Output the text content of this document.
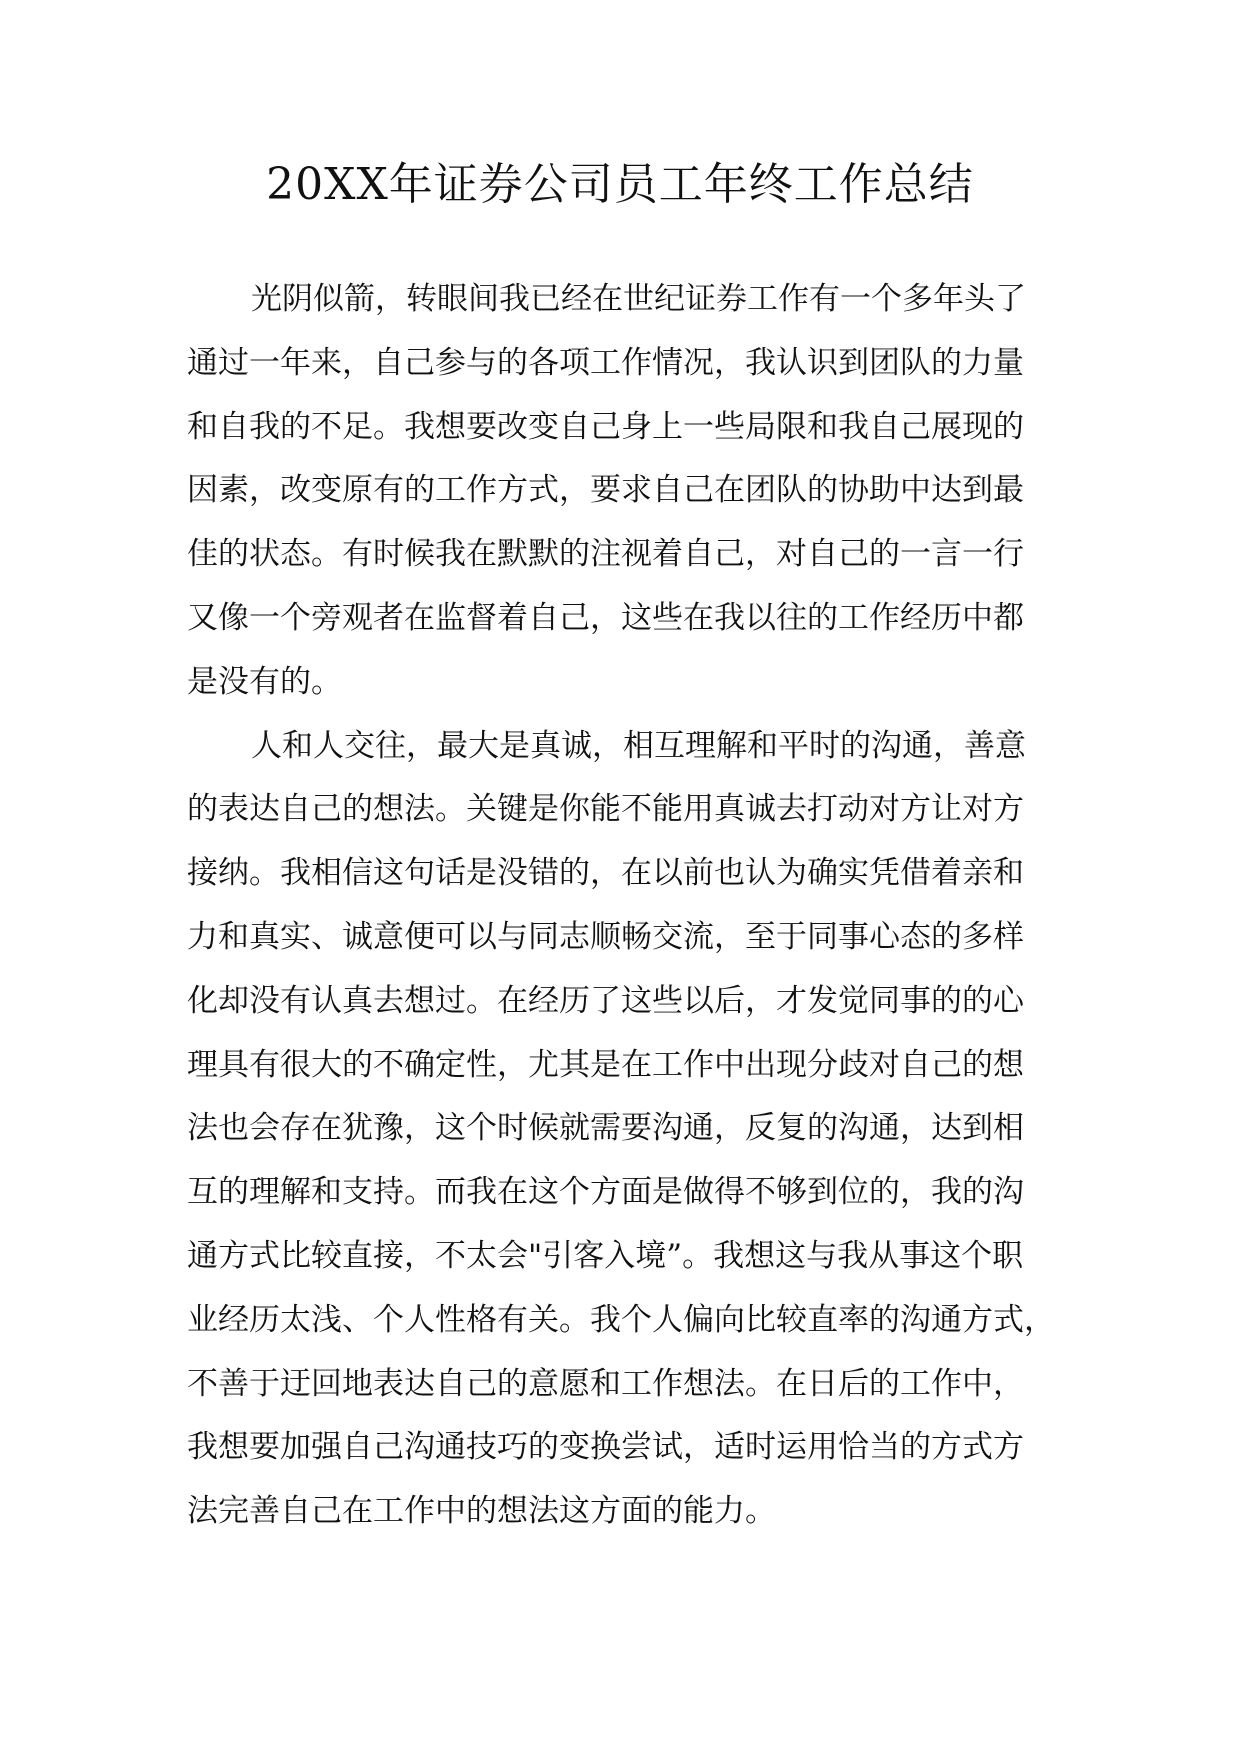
20XX年证券公司员工年终工作总结

光阴似箭，转眼间我已经在世纪证券工作有一个多年头了
通过一年来，自己参与的各项工作情况，我认识到团队的力量
和自我的不足。我想要改变自己身上一些局限和我自己展现的
因素，改变原有的工作方式，要求自己在团队的协助中达到最
佳的状态。有时候我在默默的注视着自己，对自己的一言一行
又像一个旁观者在监督着自己，这些在我以往的工作经历中都
是没有的。

人和人交往，最大是真诚，相互理解和平时的沟通，善意
的表达自己的想法。关键是你能不能用真诚去打动对方让对方
接纳。我相信这句话是没错的，在以前也认为确实凭借着亲和
力和真实、诚意便可以与同志顺畅交流，至于同事心态的多样
化却没有认真去想过。在经历了这些以后，才发觉同事的的心
理具有很大的不确定性，尤其是在工作中出现分歧对自己的想
法也会存在犹豫，这个时候就需要沟通，反复的沟通，达到相
互的理解和支持。而我在这个方面是做得不够到位的，我的沟
通方式比较直接，不太会"引客入境”。我想这与我从事这个职
业经历太浅、个人性格有关。我个人偏向比较直率的沟通方式，
不善于迂回地表达自己的意愿和工作想法。在日后的工作中，
我想要加强自己沟通技巧的变换尝试，适时运用恰当的方式方
法完善自己在工作中的想法这方面的能力。
